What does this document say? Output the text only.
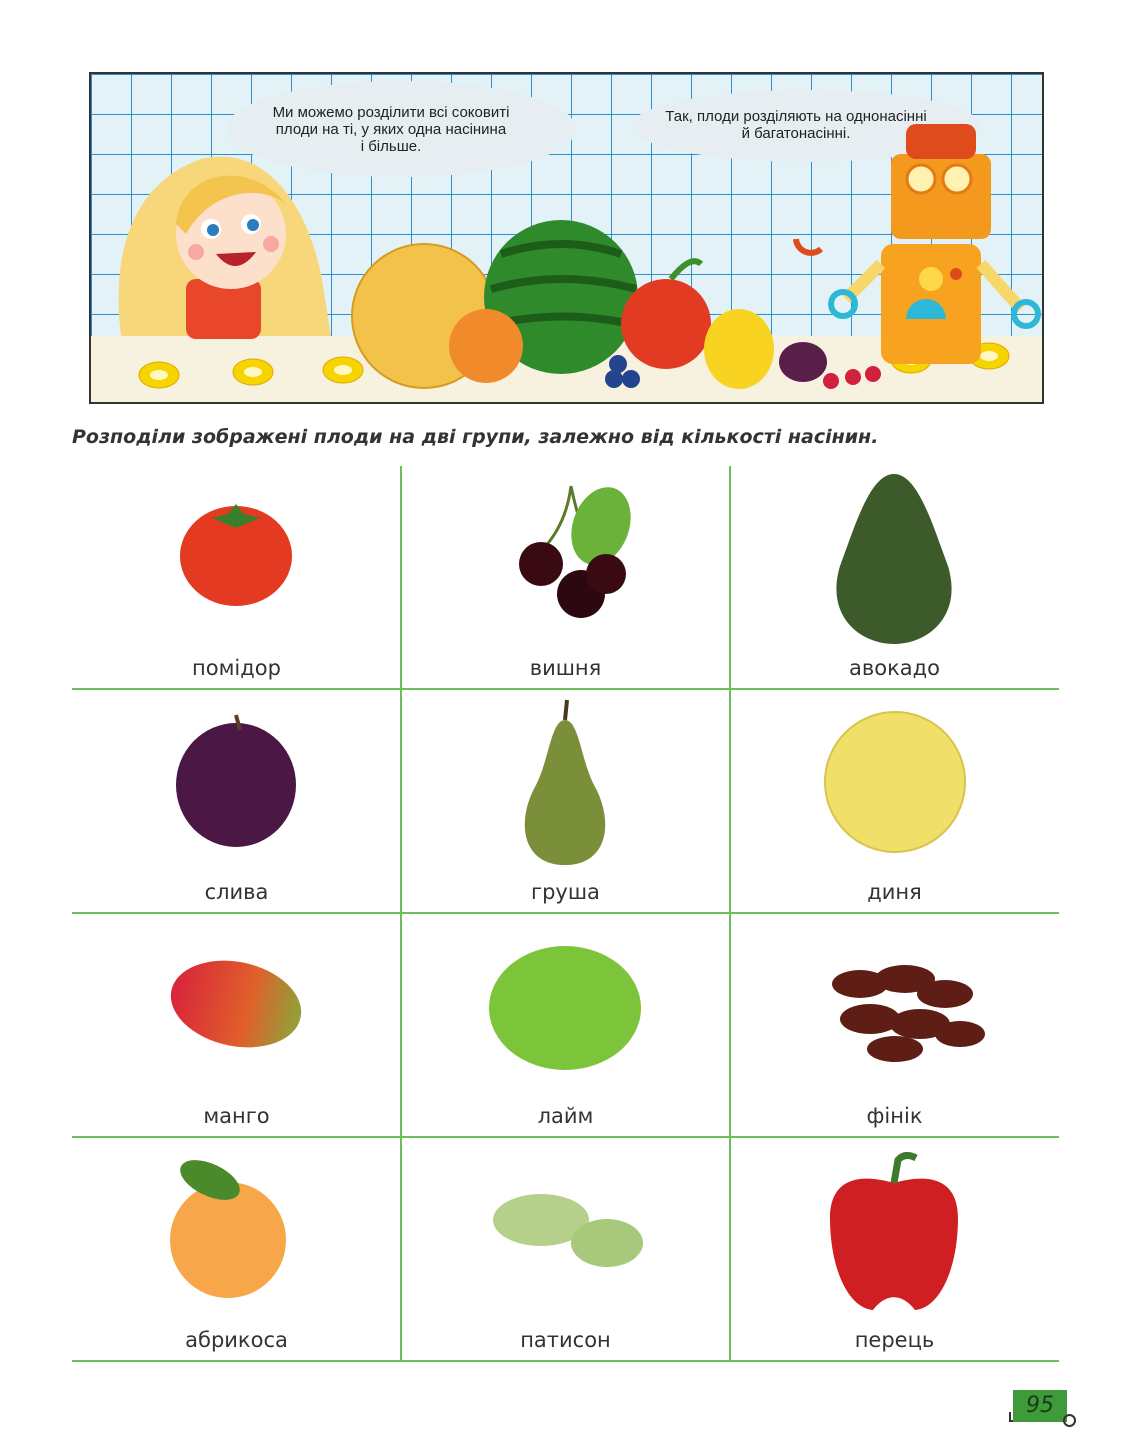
Ми можемо розділити всі соковиті
плоди на ті, у яких одна насінина
і більше.
Так, плоди розділяють на однонасінні
й багатонасінні.
Розподіли зображені плоди на дві групи, залежно від кількості насінин.
помідор	вишня	авокадо
слива	груша	диня
манго	лайм	фінік
абрикоса	патисон	перець
95
